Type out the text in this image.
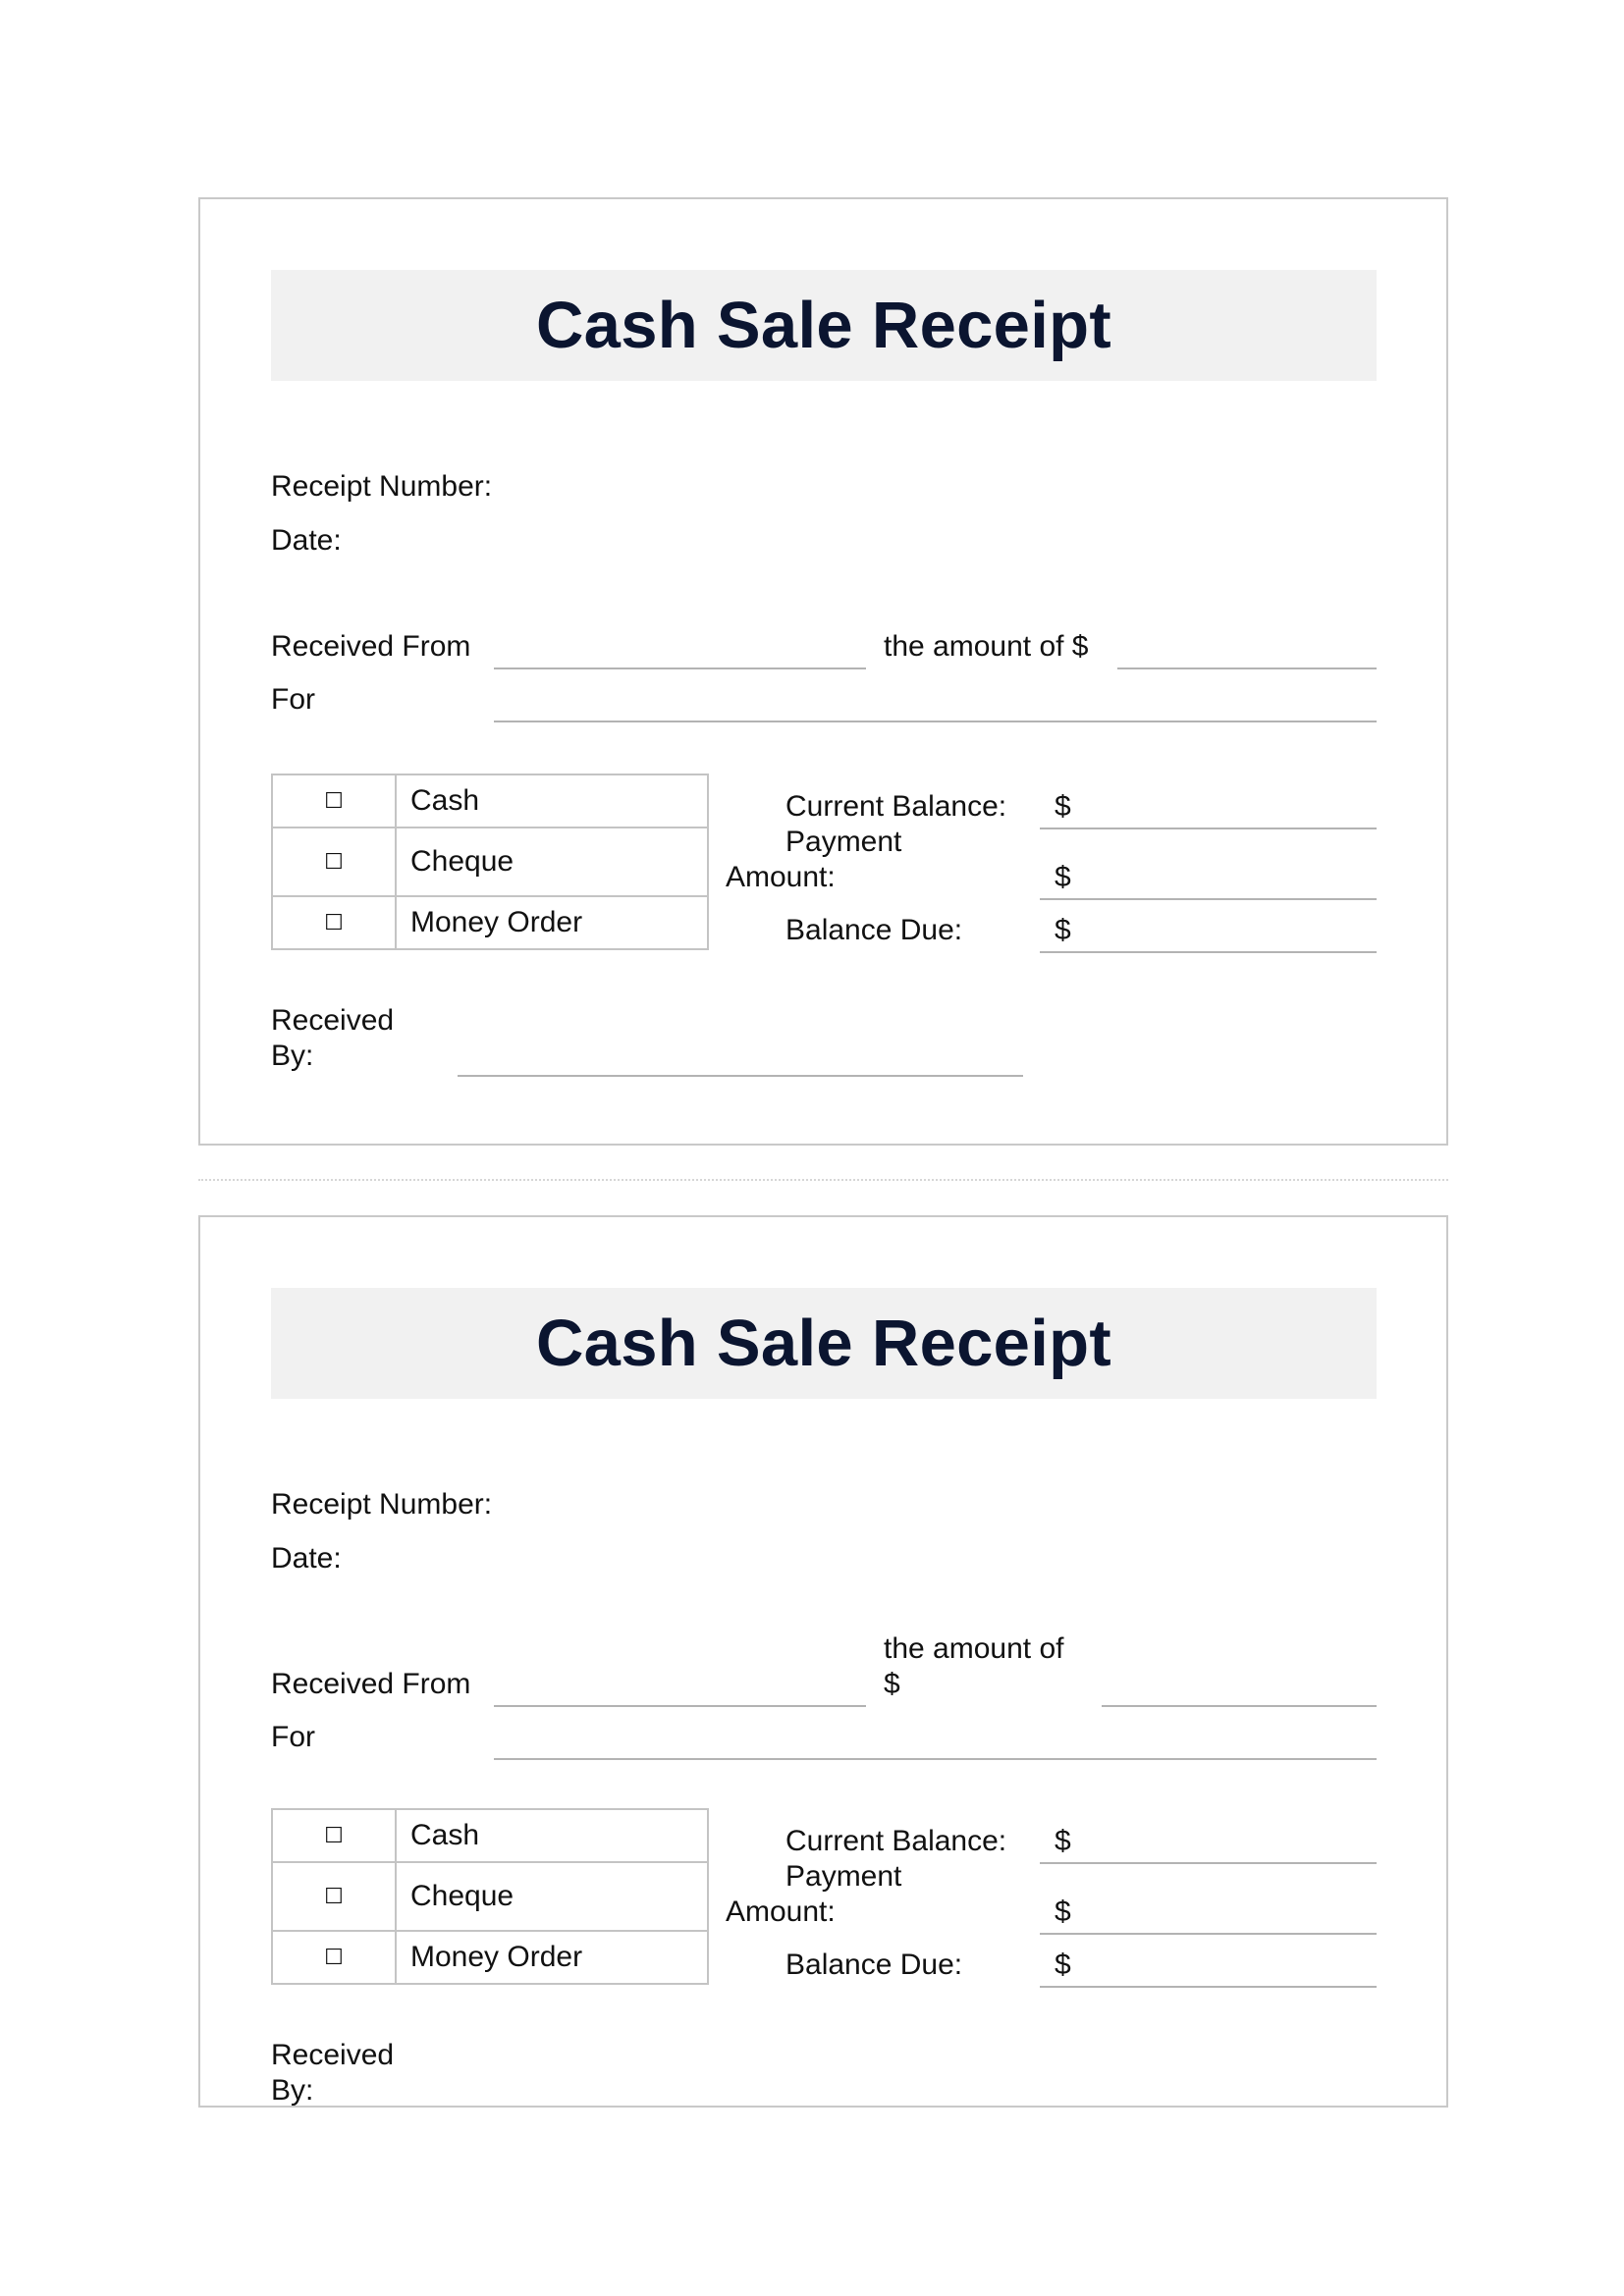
Cash Sale Receipt
Receipt Number:
Date:
Received From	the amount of $
For
☐	Cash
☐	Cheque
☐	Money Order
Current Balance: $
Payment
Amount:	$
Balance Due:	$
Received
By:
Cash Sale Receipt
Receipt Number:
Date:
the amount of
$
Received From
For
☐	Cash
☐	Cheque
☐	Money Order
Current Balance: $
Payment
Amount:	$
Balance Due:	$
Received
By:
